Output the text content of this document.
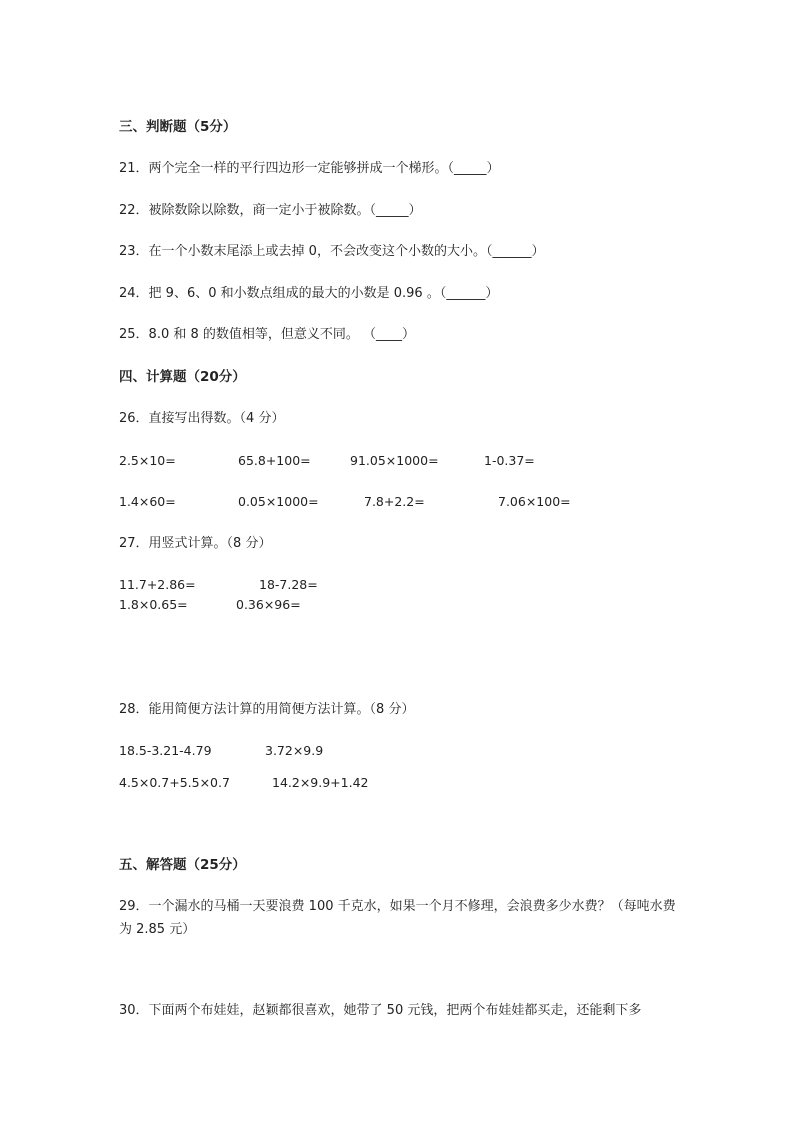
三、判断题（5分）
21．两个完全一样的平行四边形一定能够拼成一个梯形。（_____）
22．被除数除以除数，商一定小于被除数。（_____）
23．在一个小数末尾添上或去掉 0，不会改变这个小数的大小。（______）
24．把 9、6、0 和小数点组成的最大的小数是 0.96 。（______）
25．8.0 和 8 的数值相等，但意义不同。 （____）
四、计算题（20分）
26．直接写出得数。（4 分）
2.5×10=	65.8+100=	91.05×1000=	1-0.37=
1.4×60=	0.05×1000=	7.8+2.2=	7.06×100=
27．用竖式计算。（8 分）
11.7+2.86=	18-7.28=
1.8×0.65=	0.36×96=
28．能用简便方法计算的用简便方法计算。（8 分）
18.5-3.21-4.79	3.72×9.9
4.5×0.7+5.5×0.7	14.2×9.9+1.42
五、解答题（25分）
29．一个漏水的马桶一天要浪费 100 千克水，如果一个月不修理，会浪费多少水费？（每吨水费为 2.85 元）
30．下面两个布娃娃，赵颖都很喜欢，她带了 50 元钱，把两个布娃娃都买走，还能剩下多
